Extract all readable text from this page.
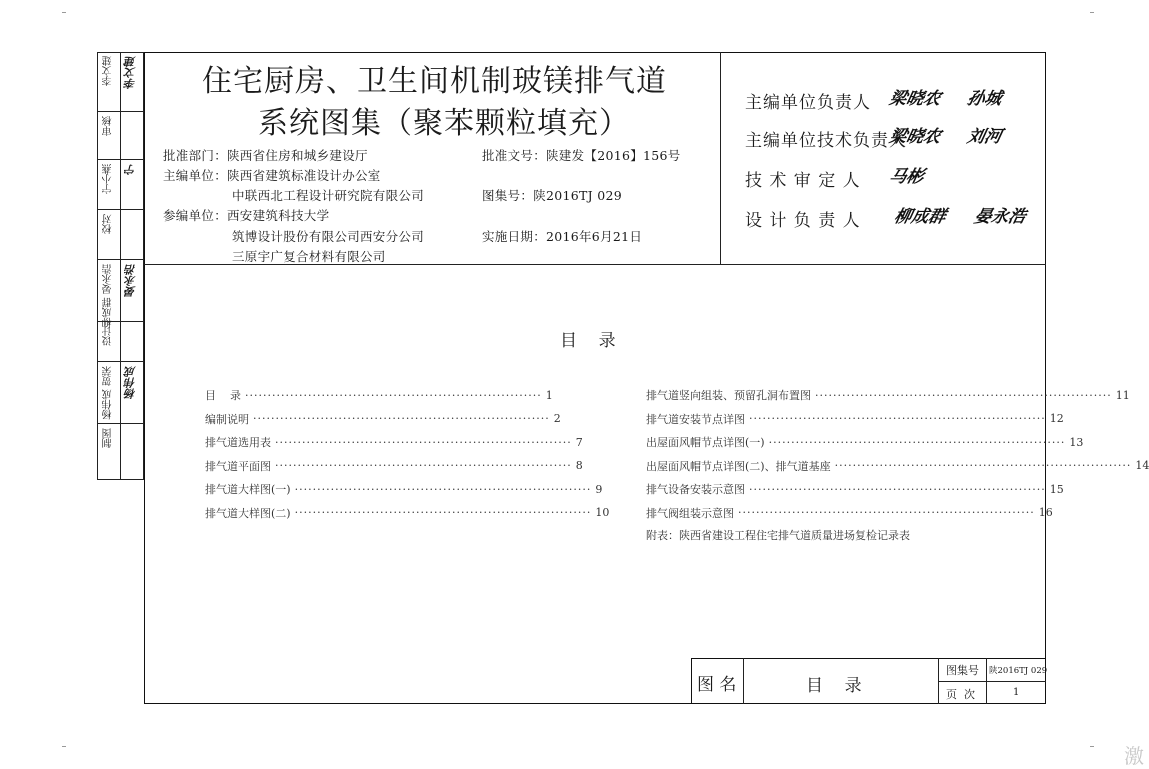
李文建 李文建
审核
宁小燕 宁
校对
柳成群 晏永浩 晏永浩
设计
杨伟成 贺荣 杨伟成
制图
住宅厨房、卫生间机制玻镁排气道
系统图集（聚苯颗粒填充）
批准部门：陕西省住房和城乡建设厅
主编单位：陕西省建筑标准设计办公室
中联西北工程设计研究院有限公司
参编单位：西安建筑科技大学
筑博设计股份有限公司西安分公司
三原宇广复合材料有限公司
批准文号：陕建发【2016】156号
图集号：陕2016TJ 029
实施日期：2016年6月21日
主编单位负责人 梁晓农 孙城
主编单位技术负责人
梁晓农 刘河
技 术 审 定 人 马彬
设 计 负 责 人 柳成群 晏永浩
目    录
目    录 ·································································· 1
编制说明 ·································································· 2
排气道选用表 ·································································· 7
排气道平面图 ·································································· 8
排气道大样图(一) ·································································· 9
排气道大样图(二) ·································································· 10
排气道竖向组装、预留孔洞布置图 ·································································· 11
排气道安装节点详图 ·································································· 12
出屋面风帽节点详图(一) ·································································· 13
出屋面风帽节点详图(二)、排气道基座 ·································································· 14
排气设备安装示意图 ·································································· 15
排气阀组装示意图 ·································································· 16
附表：陕西省建设工程住宅排气道质量进场复检记录表
图 名	目    录
图集号 陕2016TJ 029
页  次	1
激
